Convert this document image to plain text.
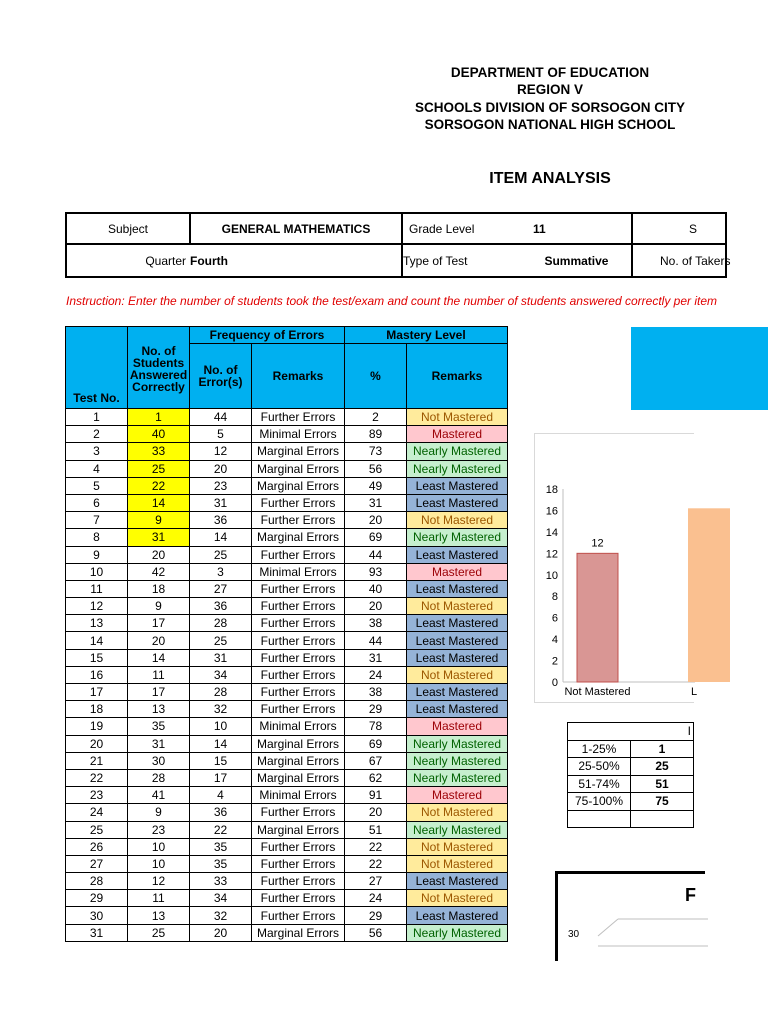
DEPARTMENT OF EDUCATION
REGION V
SCHOOLS DIVISION OF SORSOGON CITY
SORSOGON NATIONAL HIGH SCHOOL
ITEM ANALYSIS
Subject	GENERAL MATHEMATICS	Grade Level	11	S
Quarter	Fourth	Type of Test Summative		No. of Takers
Instruction: Enter the number of students took the test/exam and count the number of students answered correctly per item
Test No.	No. of Students Answered Correctly	Frequency of Errors		Mastery Level	
		No. of Error(s)	Remarks	%	Remarks
1	1	44	Further Errors	2	Not Mastered
2	40	5	Minimal Errors	89	Mastered
3	33	12	Marginal Errors	73	Nearly Mastered
4	25	20	Marginal Errors	56	Nearly Mastered
5	22	23	Marginal Errors	49	Least Mastered
6	14	31	Further Errors	31	Least Mastered
7	9	36	Further Errors	20	Not Mastered
8	31	14	Marginal Errors	69	Nearly Mastered
9	20	25	Further Errors	44	Least Mastered
10	42	3	Minimal Errors	93	Mastered
11	18	27	Further Errors	40	Least Mastered
12	9	36	Further Errors	20	Not Mastered
13	17	28	Further Errors	38	Least Mastered
14	20	25	Further Errors	44	Least Mastered
15	14	31	Further Errors	31	Least Mastered
16	11	34	Further Errors	24	Not Mastered
17	17	28	Further Errors	38	Least Mastered
18	13	32	Further Errors	29	Least Mastered
19	35	10	Minimal Errors	78	Mastered
20	31	14	Marginal Errors	69	Nearly Mastered
21	30	15	Marginal Errors	67	Nearly Mastered
22	28	17	Marginal Errors	62	Nearly Mastered
23	41	4	Minimal Errors	91	Mastered
24	9	36	Further Errors	20	Not Mastered
25	23	22	Marginal Errors	51	Nearly Mastered
26	10	35	Further Errors	22	Not Mastered
27	10	35	Further Errors	22	Not Mastered
28	12	33	Further Errors	27	Least Mastered
29	11	34	Further Errors	24	Not Mastered
30	13	32	Further Errors	29	Least Mastered
31	25	20	Marginal Errors	56	Nearly Mastered
0
2
4
6
8
10
12
14
16
18
12
Not Mastered	L
	I
1-25%	1
25-50%	25
51-74%	51
75-100%	75

F
30
